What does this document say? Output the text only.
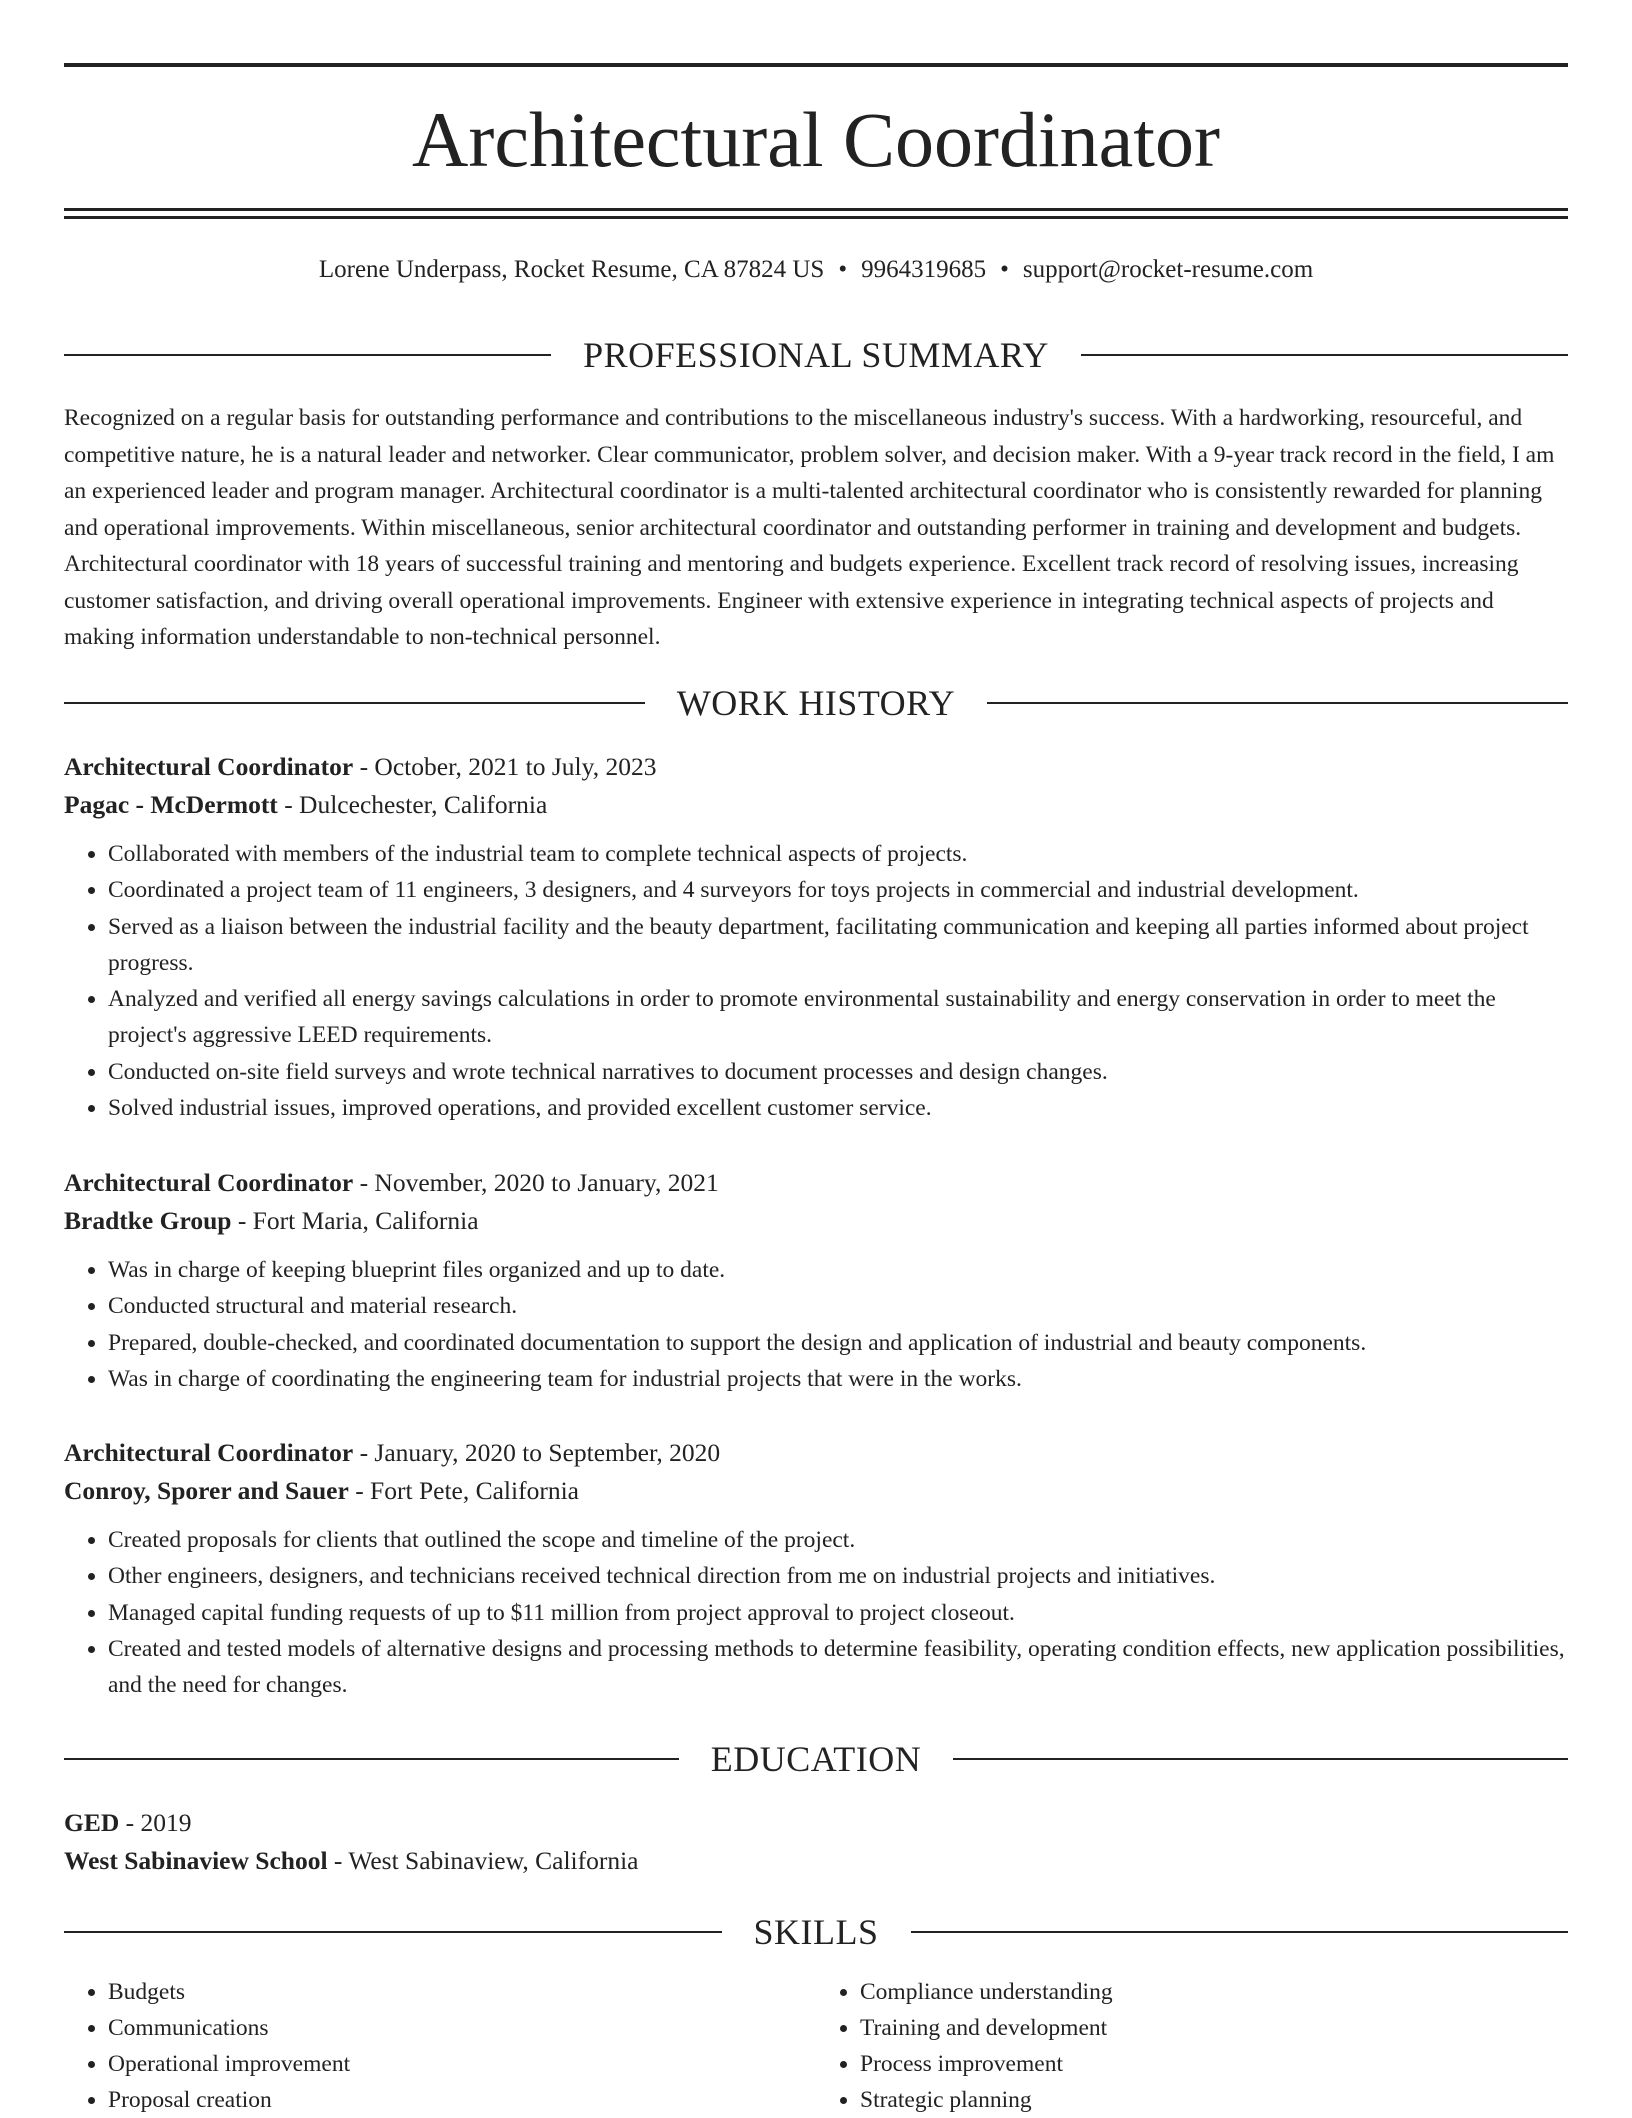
Architectural Coordinator
Lorene Underpass, Rocket Resume, CA 87824 US • 9964319685 • support@rocket-resume.com
PROFESSIONAL SUMMARY

Recognized on a regular basis for outstanding performance and contributions to the miscellaneous industry's success. With a hardworking, resourceful, and competitive nature, he is a natural leader and networker. Clear communicator, problem solver, and decision maker. With a 9-year track record in the field, I am an experienced leader and program manager. Architectural coordinator is a multi-talented architectural coordinator who is consistently rewarded for planning and operational improvements. Within miscellaneous, senior architectural coordinator and outstanding performer in training and development and budgets. Architectural coordinator with 18 years of successful training and mentoring and budgets experience. Excellent track record of resolving issues, increasing customer satisfaction, and driving overall operational improvements. Engineer with extensive experience in integrating technical aspects of projects and making information understandable to non-technical personnel.

WORK HISTORY

Architectural Coordinator - October, 2021 to July, 2023

Pagac - McDermott - Dulcechester, California

• Collaborated with members of the industrial team to complete technical aspects of projects.
• Coordinated a project team of 11 engineers, 3 designers, and 4 surveyors for toys projects in commercial and industrial development.
• Served as a liaison between the industrial facility and the beauty department, facilitating communication and keeping all parties informed about project progress.
• Analyzed and verified all energy savings calculations in order to promote environmental sustainability and energy conservation in order to meet the project's aggressive LEED requirements.
• Conducted on-site field surveys and wrote technical narratives to document processes and design changes.
• Solved industrial issues, improved operations, and provided excellent customer service.

Architectural Coordinator - November, 2020 to January, 2021

Bradtke Group - Fort Maria, California

• Was in charge of keeping blueprint files organized and up to date.
• Conducted structural and material research.
• Prepared, double-checked, and coordinated documentation to support the design and application of industrial and beauty components.
• Was in charge of coordinating the engineering team for industrial projects that were in the works.

Architectural Coordinator - January, 2020 to September, 2020

Conroy, Sporer and Sauer - Fort Pete, California

• Created proposals for clients that outlined the scope and timeline of the project.
• Other engineers, designers, and technicians received technical direction from me on industrial projects and initiatives.
• Managed capital funding requests of up to $11 million from project approval to project closeout.
• Created and tested models of alternative designs and processing methods to determine feasibility, operating condition effects, new application possibilities, and the need for changes.
EDUCATION

GED - 2019

West Sabinaview School - West Sabinaview, California

SKILLS
• Budgets
• Communications
• Operational improvement
• Proposal creation
• Compliance understanding
• Training and development
• Process improvement
• Strategic planning
